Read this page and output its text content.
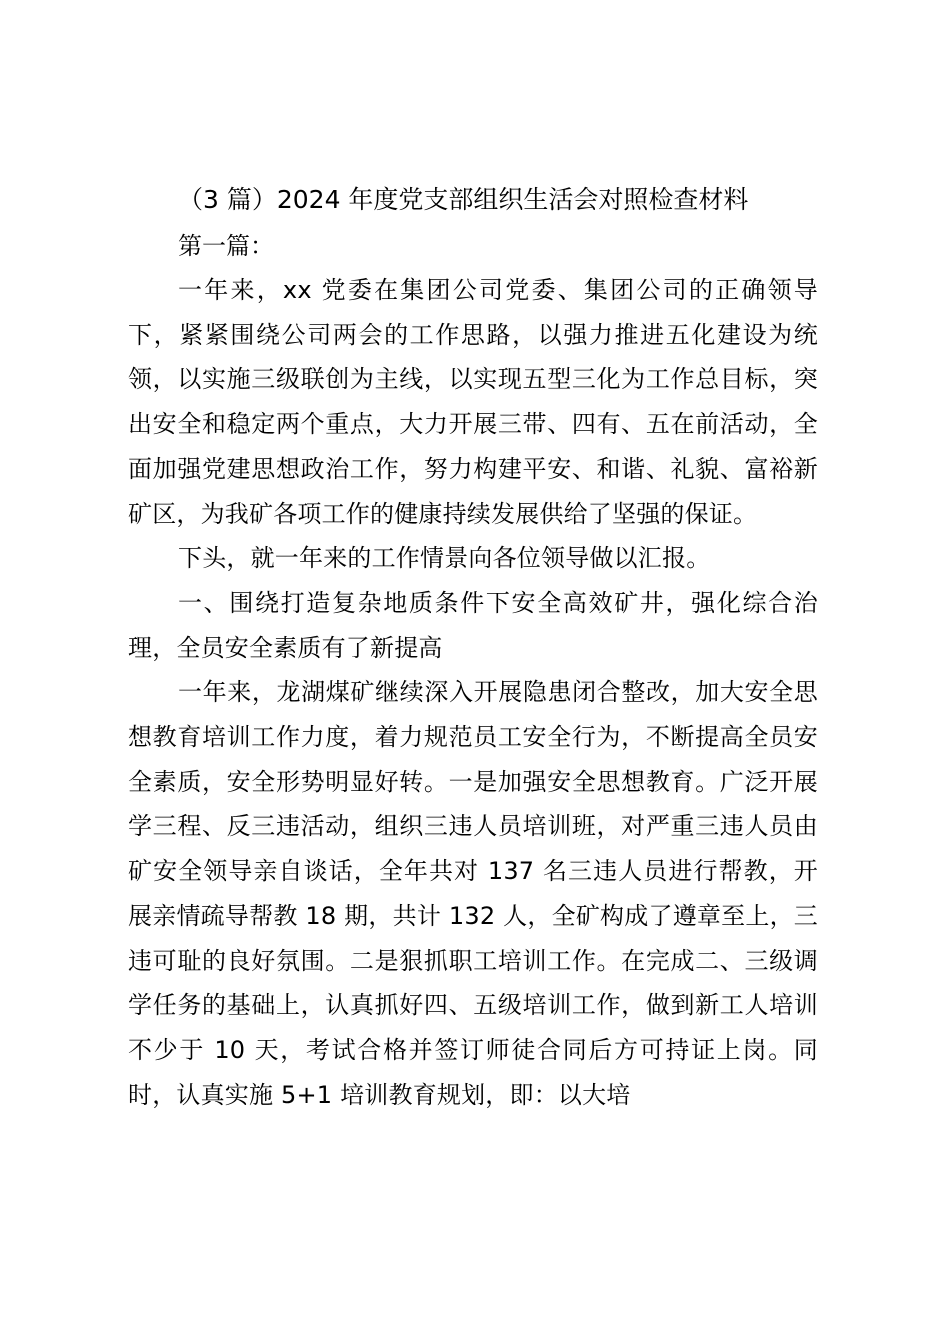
（3 篇）2024 年度党支部组织生活会对照检查材料
第一篇：

一年来，xx 党委在集团公司党委、集团公司的正确领导下，紧紧围绕公司两会的工作思路，以强力推进五化建设为统领，以实施三级联创为主线，以实现五型三化为工作总目标，突出安全和稳定两个重点，大力开展三带、四有、五在前活动，全面加强党建思想政治工作，努力构建平安、和谐、礼貌、富裕新矿区，为我矿各项工作的健康持续发展供给了坚强的保证。

下头，就一年来的工作情景向各位领导做以汇报。

一、围绕打造复杂地质条件下安全高效矿井，强化综合治理，全员安全素质有了新提高

一年来，龙湖煤矿继续深入开展隐患闭合整改，加大安全思想教育培训工作力度，着力规范员工安全行为，不断提高全员安全素质，安全形势明显好转。一是加强安全思想教育。广泛开展学三程、反三违活动，组织三违人员培训班，对严重三违人员由矿安全领导亲自谈话，全年共对 137 名三违人员进行帮教，开展亲情疏导帮教 18 期，共计 132 人，全矿构成了遵章至上，三违可耻的良好氛围。二是狠抓职工培训工作。在完成二、三级调学任务的基础上，认真抓好四、五级培训工作，做到新工人培训不少于 10 天，考试合格并签订师徒合同后方可持证上岗。同时，认真实施 5+1 培训教育规划，即：以大培
